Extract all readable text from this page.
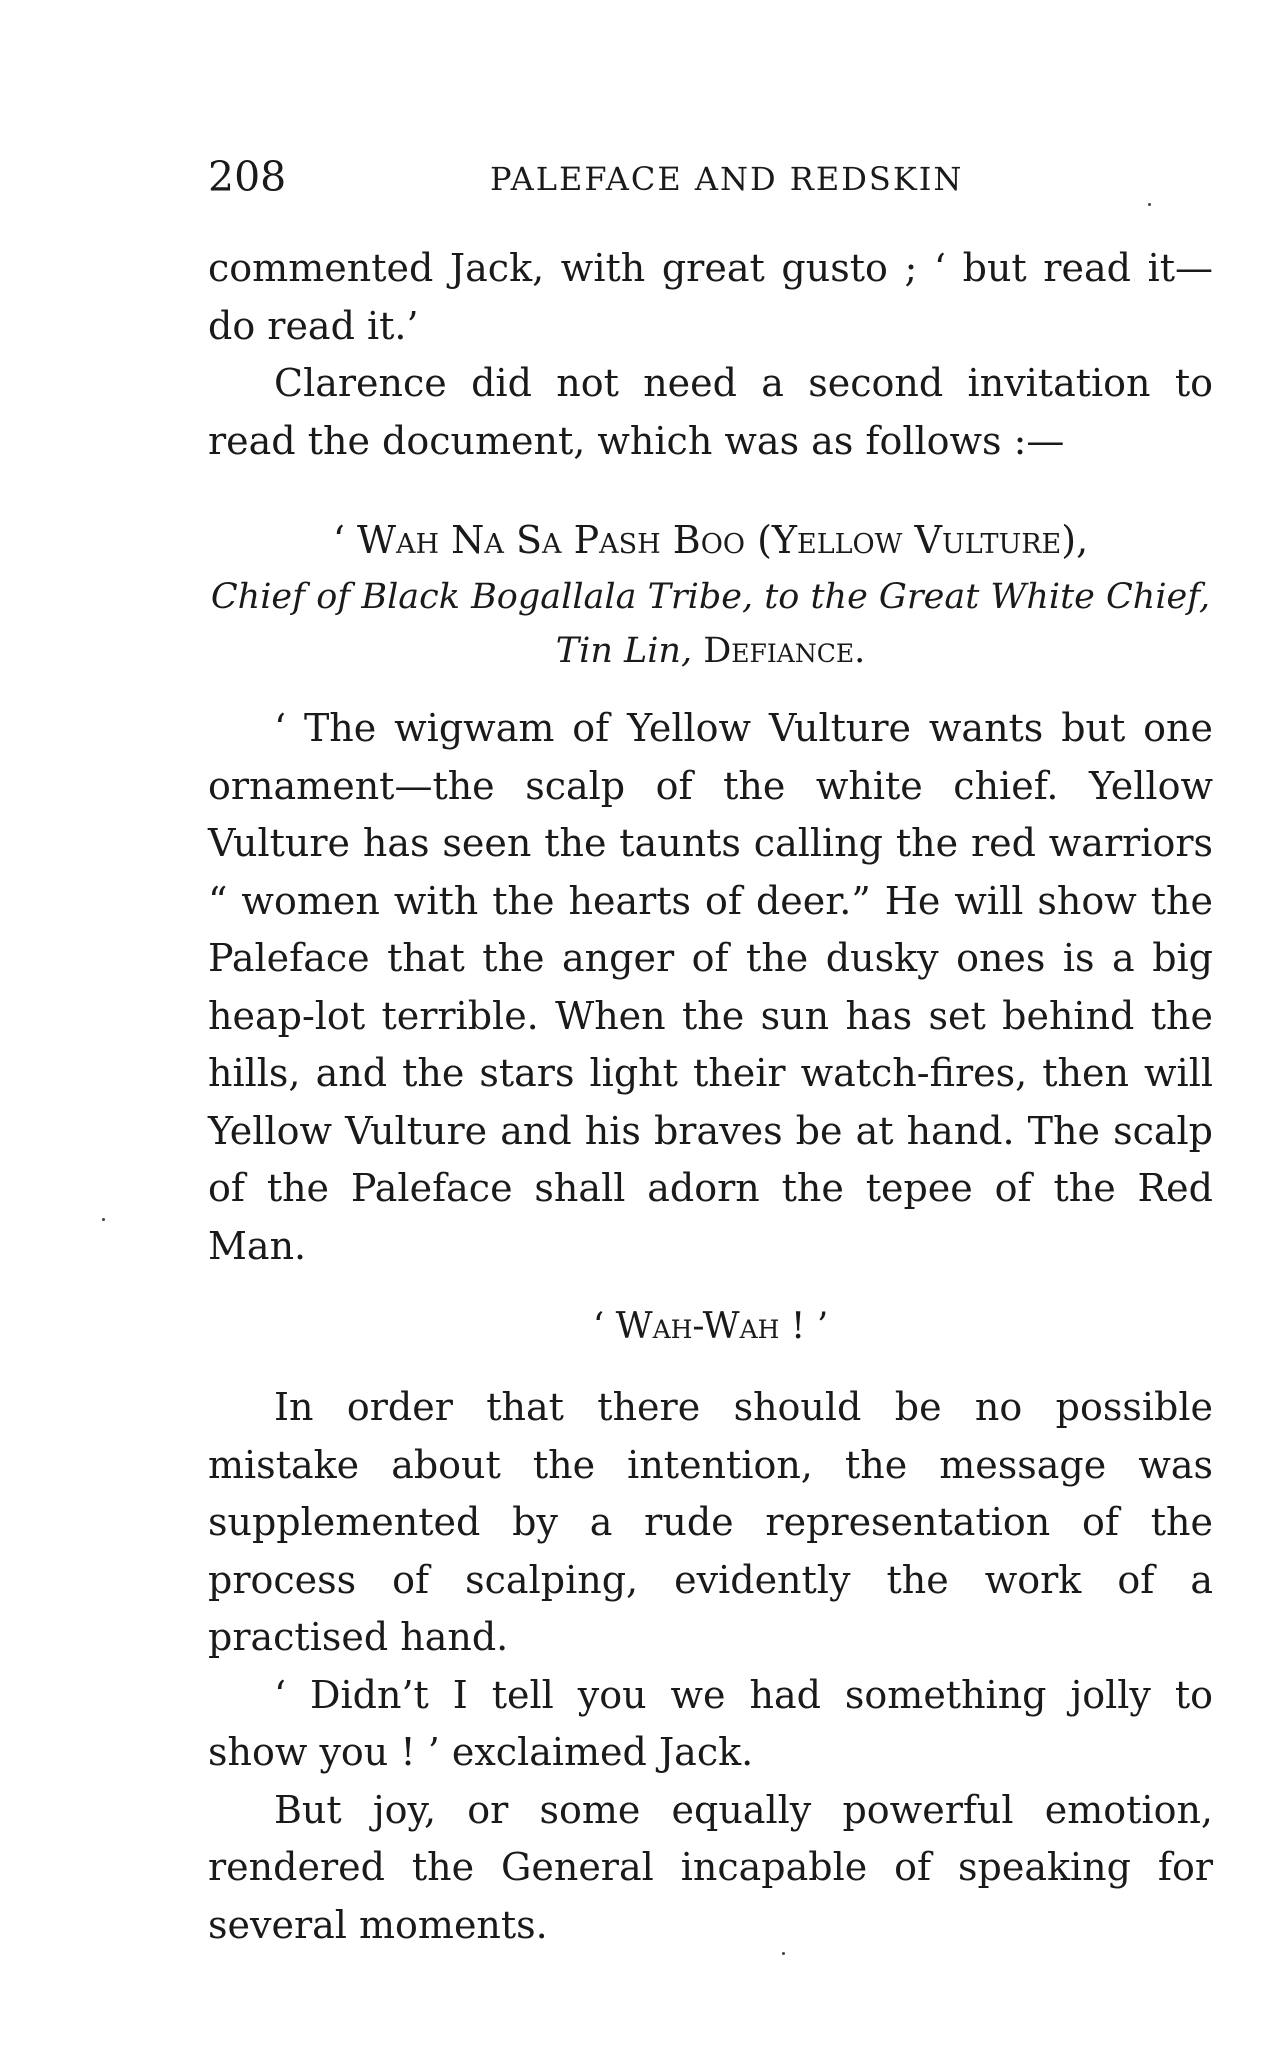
208	PALEFACE AND REDSKIN

commented Jack, with great gusto ; ‘ but read it—do read it.’

Clarence did not need a second invitation to read the document, which was as follows :—

‘ Wah Na Sa Pash Boo (Yellow Vulture),

Chief of Black Bogallala Tribe, to the Great White Chief,
Tin Lin, Defiance.

‘ The wigwam of Yellow Vulture wants but one ornament—the scalp of the white chief. Yellow Vulture has seen the taunts calling the red warriors “ women with the hearts of deer.” He will show the Paleface that the anger of the dusky ones is a big heap-lot terrible. When the sun has set behind the hills, and the stars light their watch-fires, then will Yellow Vulture and his braves be at hand. The scalp of the Paleface shall adorn the tepee of the Red Man.

‘ Wah-Wah ! ’

In order that there should be no possible mistake about the intention, the message was supplemented by a rude representation of the process of scalping, evidently the work of a practised hand.

‘ Didn’t I tell you we had something jolly to show you ! ’ exclaimed Jack.

But joy, or some equally powerful emotion, rendered the General incapable of speaking for several moments.
